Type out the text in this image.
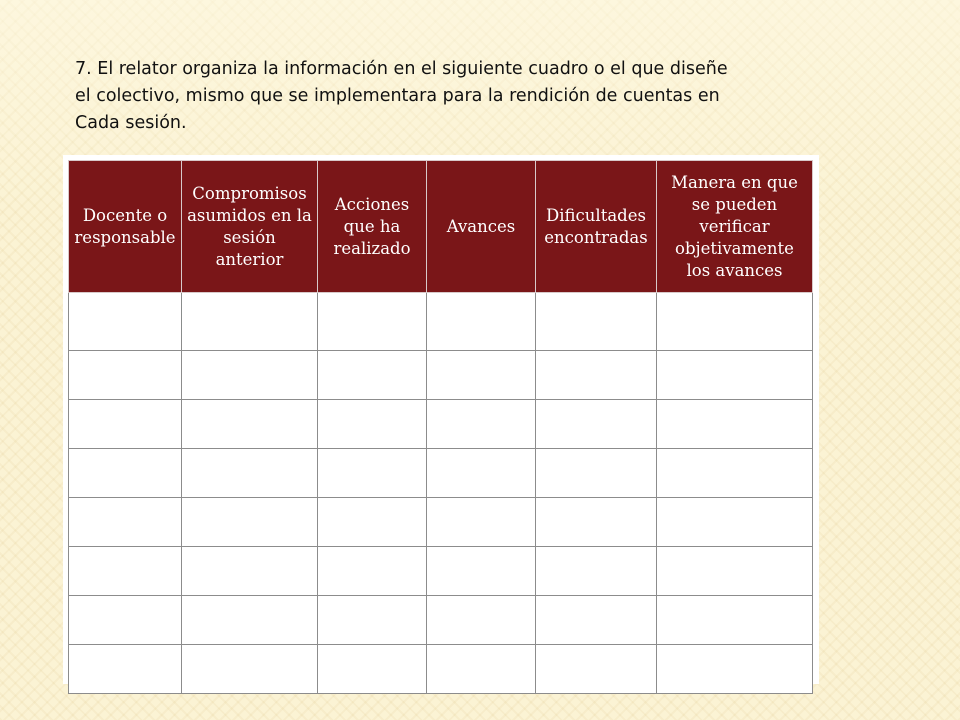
7. El relator organiza la información en el siguiente cuadro o el que diseñe
el colectivo, mismo que se implementara para la rendición de cuentas en
Cada sesión.

Docente o
responsable	Compromisos
asumidos en la
sesión
anterior	Acciones
que ha
realizado	Avances	Dificultades
encontradas	Manera en que
se pueden
verificar
objetivamente
los avances
